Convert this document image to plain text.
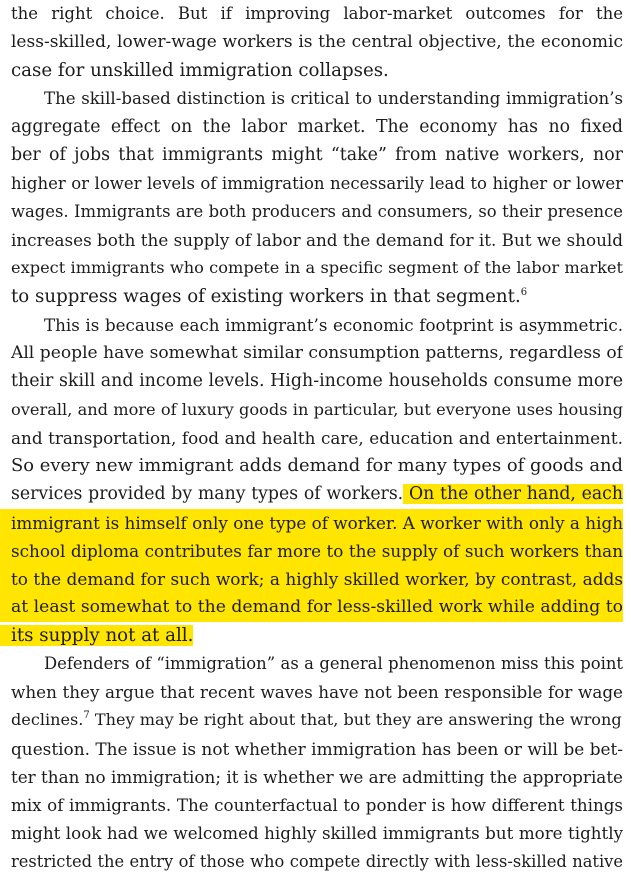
the right choice. But if improving labor-market outcomes for the
less-skilled, lower-wage workers is the central objective, the economic
case for unskilled immigration collapses.
The skill-based distinction is critical to understanding immigration’s
aggregate effect on the labor market. The economy has no fixed
ber of jobs that immigrants might “take” from native workers, nor
higher or lower levels of immigration necessarily lead to higher or lower
wages. Immigrants are both producers and consumers, so their presence
increases both the supply of labor and the demand for it. But we should
expect immigrants who compete in a specific segment of the labor market
to suppress wages of existing workers in that segment.$^6$
This is because each immigrant’s economic footprint is asymmetric.
All people have somewhat similar consumption patterns, regardless of
their skill and income levels. High-income households consume more
overall, and more of luxury goods in particular, but everyone uses housing
and transportation, food and health care, education and entertainment.
So every new immigrant adds demand for many types of goods and
services provided by many types of workers. On the other hand, each
immigrant is himself only one type of worker. A worker with only a high
school diploma contributes far more to the supply of such workers than
to the demand for such work; a highly skilled worker, by contrast, adds
at least somewhat to the demand for less-skilled work while adding to
its supply not at all.
Defenders of “immigration” as a general phenomenon miss this point
when they argue that recent waves have not been responsible for wage
declines.$^7$ They may be right about that, but they are answering the wrong
question. The issue is not whether immigration has been or will be bet-
ter than no immigration; it is whether we are admitting the appropriate
mix of immigrants. The counterfactual to ponder is how different things
might look had we welcomed highly skilled immigrants but more tightly
restricted the entry of those who compete directly with less-skilled native
